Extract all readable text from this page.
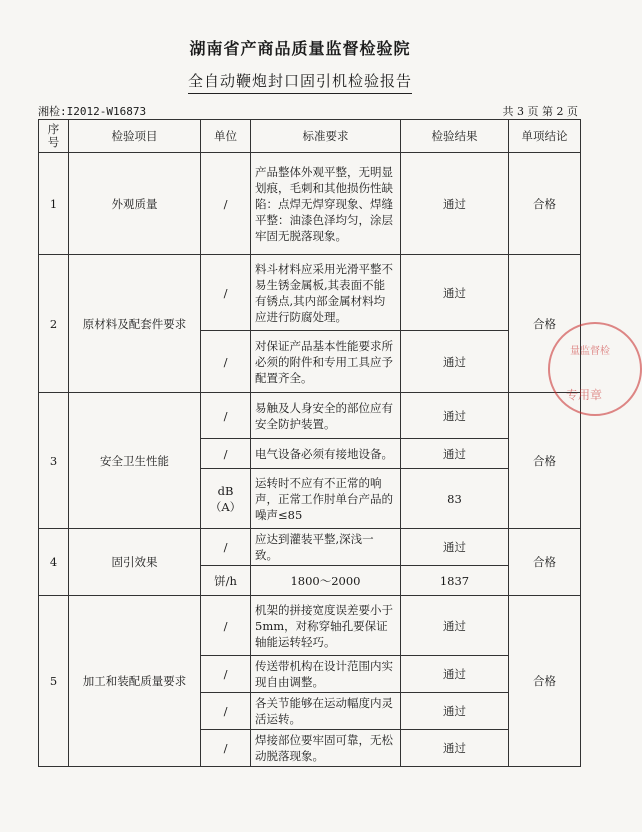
湖南省产商品质量监督检验院
全自动鞭炮封口固引机检验报告
湘检:I2012-W16873	共 3 页 第 2 页
序号	检验项目	单位	标准要求	检验结果	单项结论
1	外观质量	/	产品整体外观平整，无明显划痕，毛刺和其他损伤性缺陷：点焊无焊穿现象、焊缝平整：油漆色泽均匀，涂层牢固无脱落现象。	通过	合格
2	原材料及配套件要求	/	料斗材料应采用光滑平整不易生锈金属板,其表面不能有锈点,其内部金属材料均应进行防腐处理。	通过	合格
		/	对保证产品基本性能要求所必须的附件和专用工具应予配置齐全。	通过	
3	安全卫生性能	/	易触及人身安全的部位应有安全防护装置。	通过	合格
		/	电气设备必须有接地设备。	通过	
		dB（A）	运转时不应有不正常的响声，正常工作肘单台产品的噪声≤85	83	
4	固引效果	/	应达到灌装平整,深浅一致。	通过	合格
		饼/h	1800～2000	1837	
5	加工和装配质量要求	/	机架的拼接宽度误差要小于5mm，对称穿轴孔要保证轴能运转轻巧。	通过	合格
		/	传送带机构在设计范围内实现自由调整。	通过	
		/	各关节能够在运动幅度内灵活运转。	通过	
		/	焊接部位要牢固可靠，无松动脱落现象。	通过	
量监督检
专用章
